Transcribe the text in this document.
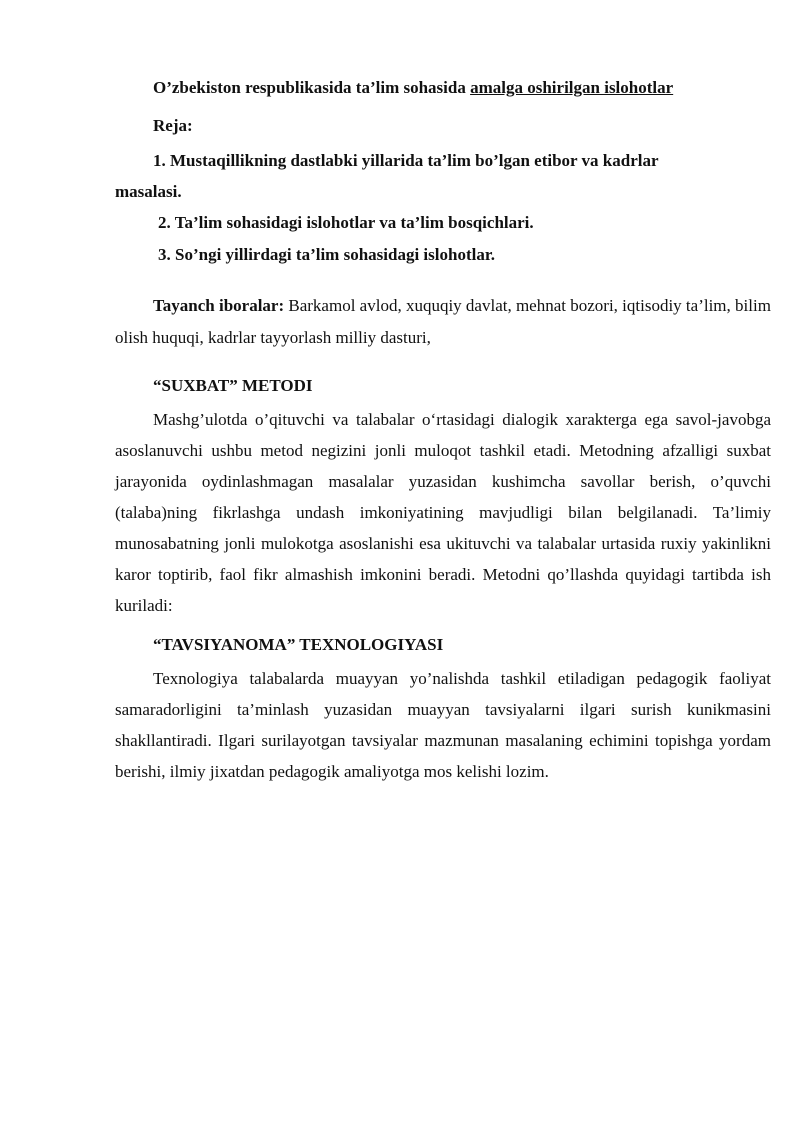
O’zbekiston respublikasida ta’lim sohasida amalga oshirilgan islohotlar
Reja:
1. Mustaqillikning dastlabki yillarida ta’lim bo’lgan etibor va kadrlar
masalasi.
2. Ta’lim sohasidagi islohotlar va ta’lim bosqichlari.
3. So’ngi yillirdagi ta’lim sohasidagi islohotlar.

Tayanch iboralar: Barkamol avlod, xuquqiy davlat, mehnat bozori, iqtisodiy ta’lim, bilim olish huquqi, kadrlar tayyorlash milliy dasturi,

“SUXBAT” METODI

Mashg’ulotda o’qituvchi va talabalar o‘rtasidagi dialogik xarakterga ega savol-javobga asoslanuvchi ushbu metod negizini jonli muloqot tashkil etadi. Metodning afzalligi suxbat jarayonida oydinlashmagan masalalar yuzasidan kushimcha savollar berish, o’quvchi (talaba)ning fikrlashga undash imkoniyatining mavjudligi bilan belgilanadi. Ta’limiy munosabatning jonli mulokotga asoslanishi esa ukituvchi va talabalar urtasida ruxiy yakinlikni karor toptirib, faol fikr almashish imkonini beradi. Metodni qo’llashda quyidagi tartibda ish kuriladi:

“TAVSIYANOMA” TEXNOLOGIYASI

Texnologiya talabalarda muayyan yo’nalishda tashkil etiladigan pedagogik faoliyat samaradorligini ta’minlash yuzasidan muayyan tavsiyalarni ilgari surish kunikmasini shakllantiradi. Ilgari surilayotgan tavsiyalar mazmunan masalaning echimini topishga yordam berishi, ilmiy jixatdan pedagogik amaliyotga mos kelishi lozim.
